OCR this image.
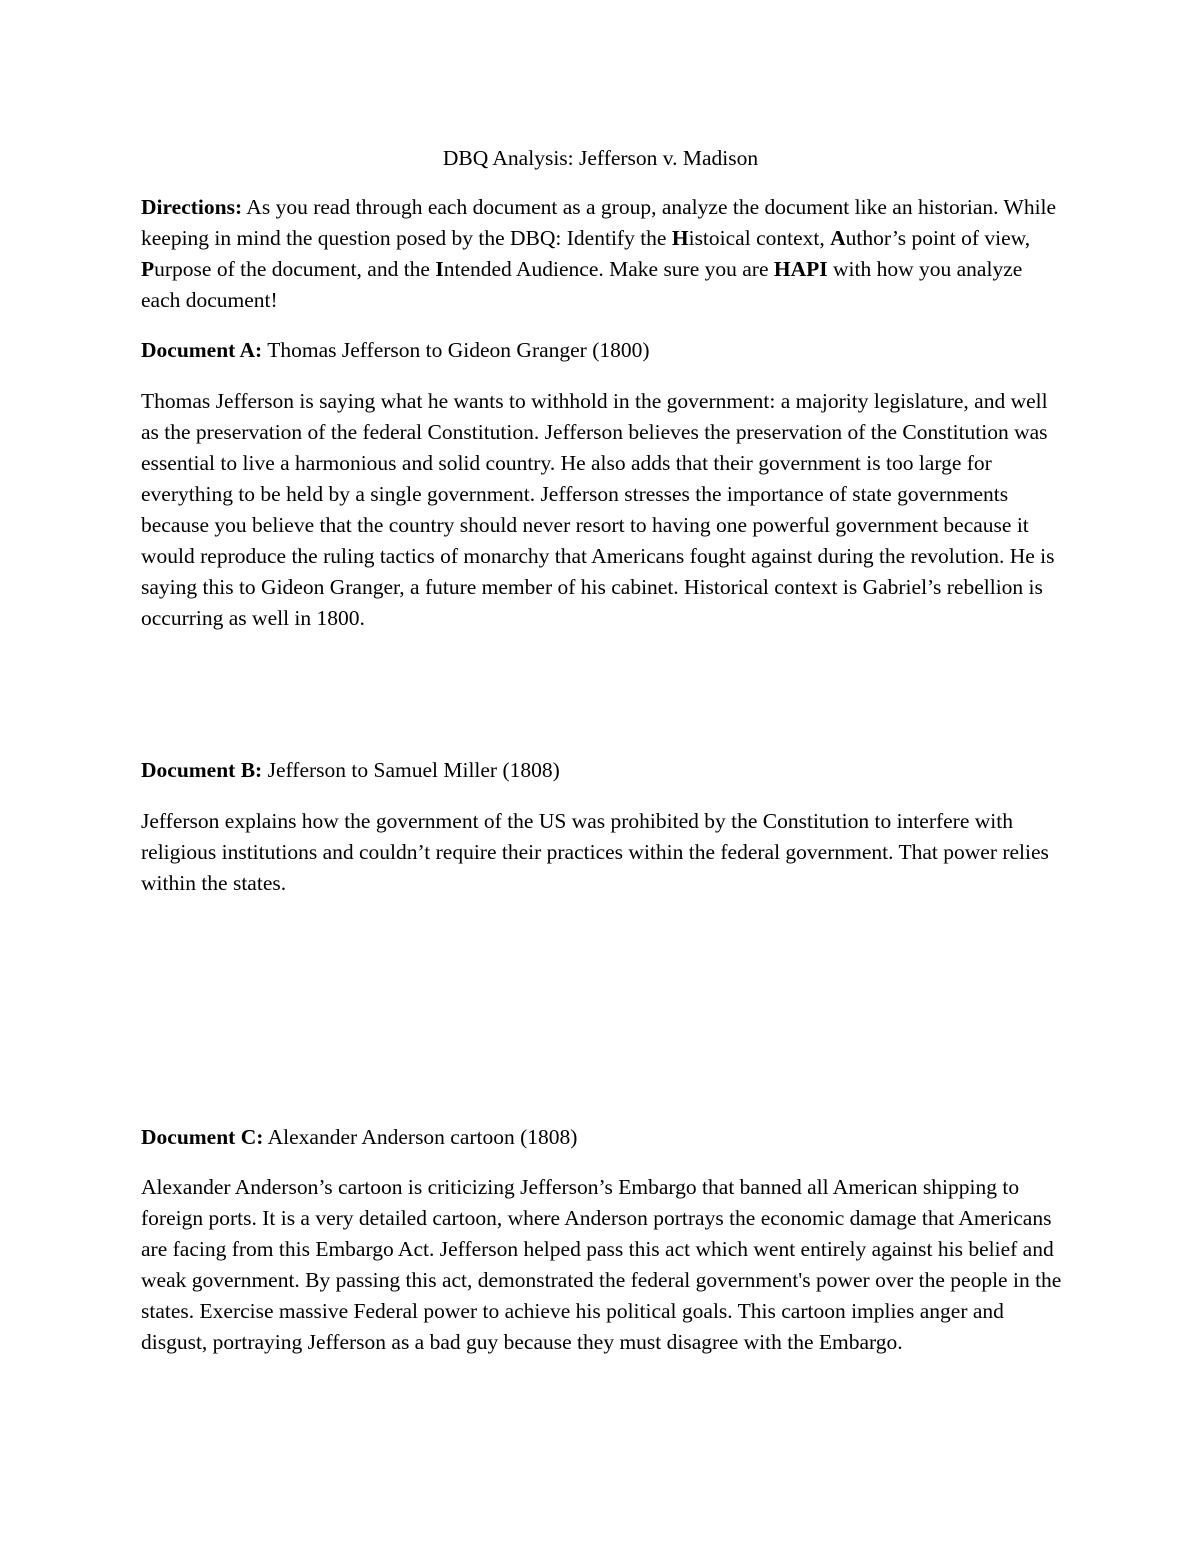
DBQ Analysis: Jefferson v. Madison

Directions: As you read through each document as a group, analyze the document like an historian. While keeping in mind the question posed by the DBQ: Identify the Histoical context, Author’s point of view, Purpose of the document, and the Intended Audience. Make sure you are HAPI with how you analyze each document!

Document A: Thomas Jefferson to Gideon Granger (1800)

Thomas Jefferson is saying what he wants to withhold in the government: a majority legislature, and well as the preservation of the federal Constitution. Jefferson believes the preservation of the Constitution was essential to live a harmonious and solid country. He also adds that their government is too large for everything to be held by a single government. Jefferson stresses the importance of state governments because you believe that the country should never resort to having one powerful government because it would reproduce the ruling tactics of monarchy that Americans fought against during the revolution. He is saying this to Gideon Granger, a future member of his cabinet. Historical context is Gabriel’s rebellion is occurring as well in 1800.

Document B: Jefferson to Samuel Miller (1808)

Jefferson explains how the government of the US was prohibited by the Constitution to interfere with religious institutions and couldn’t require their practices within the federal government. That power relies within the states.

Document C: Alexander Anderson cartoon (1808)

Alexander Anderson’s cartoon is criticizing Jefferson’s Embargo that banned all American shipping to foreign ports. It is a very detailed cartoon, where Anderson portrays the economic damage that Americans are facing from this Embargo Act. Jefferson helped pass this act which went entirely against his belief and weak government. By passing this act, demonstrated the federal government's power over the people in the states. Exercise massive Federal power to achieve his political goals. This cartoon implies anger and disgust, portraying Jefferson as a bad guy because they must disagree with the Embargo.
